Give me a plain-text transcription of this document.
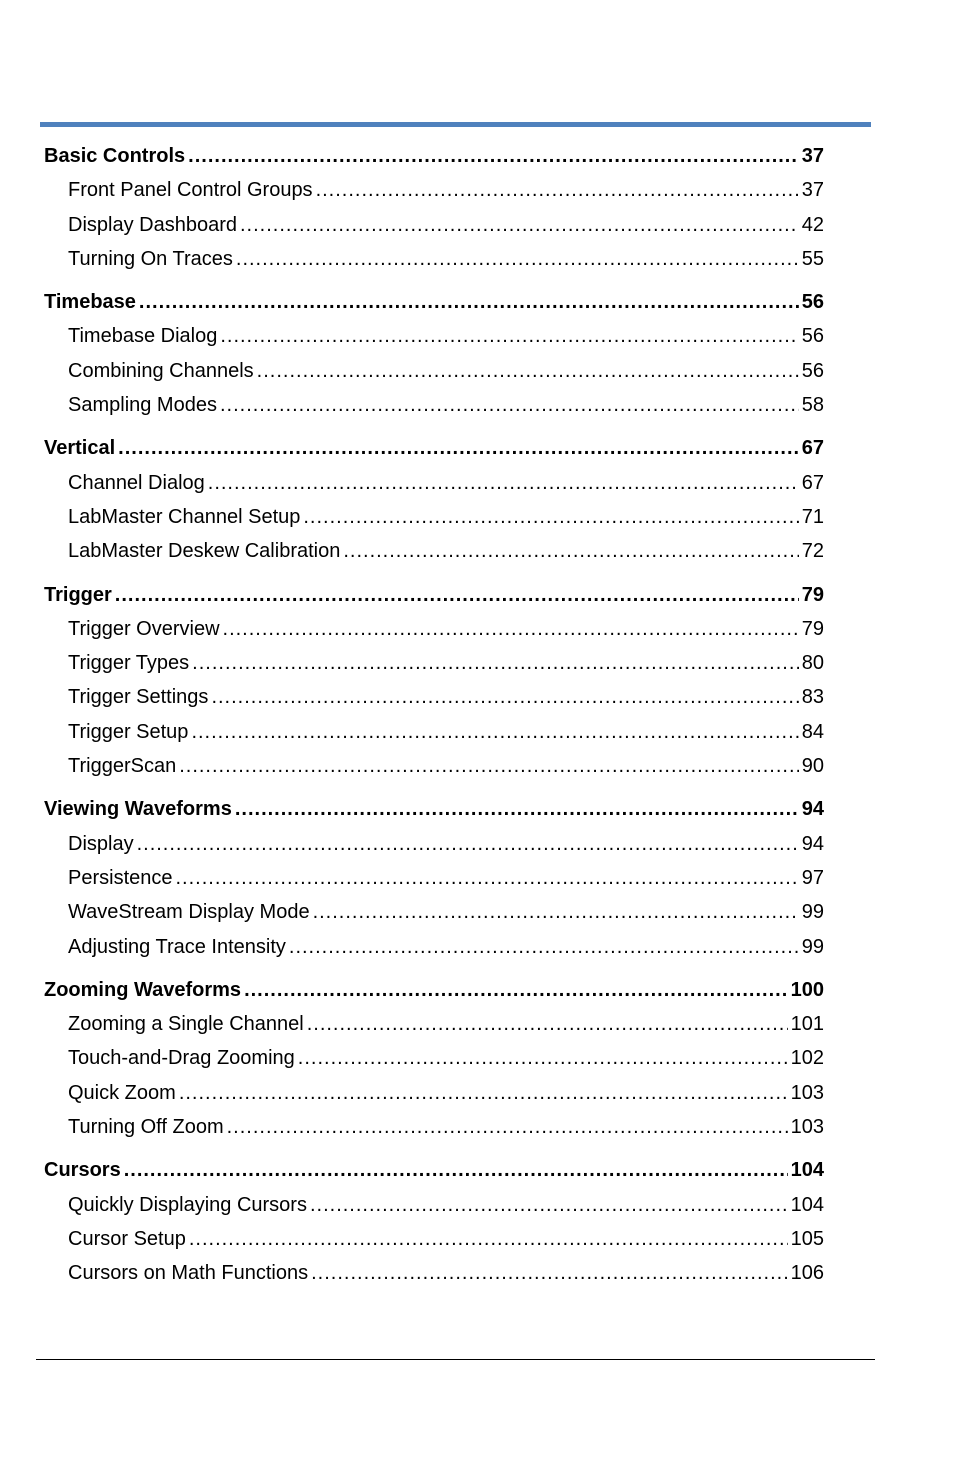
Basic Controls .....	37
Front Panel Control Groups .....	37
Display Dashboard .....	42
Turning On Traces .....	55
Timebase .....	56
Timebase Dialog .....	56
Combining Channels .....	56
Sampling Modes .....	58
Vertical .....	67
Channel Dialog .....	67
LabMaster Channel Setup .....	71
LabMaster Deskew Calibration .....	72
Trigger .....	79
Trigger Overview .....	79
Trigger Types .....	80
Trigger Settings .....	83
Trigger Setup .....	84
TriggerScan .....	90
Viewing Waveforms .....	94
Display .....	94
Persistence .....	97
WaveStream Display Mode .....	99
Adjusting Trace Intensity .....	99
Zooming Waveforms .....	100
Zooming a Single Channel .....	101
Touch-and-Drag Zooming .....	102
Quick Zoom .....	103
Turning Off Zoom .....	103
Cursors .....	104
Quickly Displaying Cursors .....	104
Cursor Setup .....	105
Cursors on Math Functions .....	106
